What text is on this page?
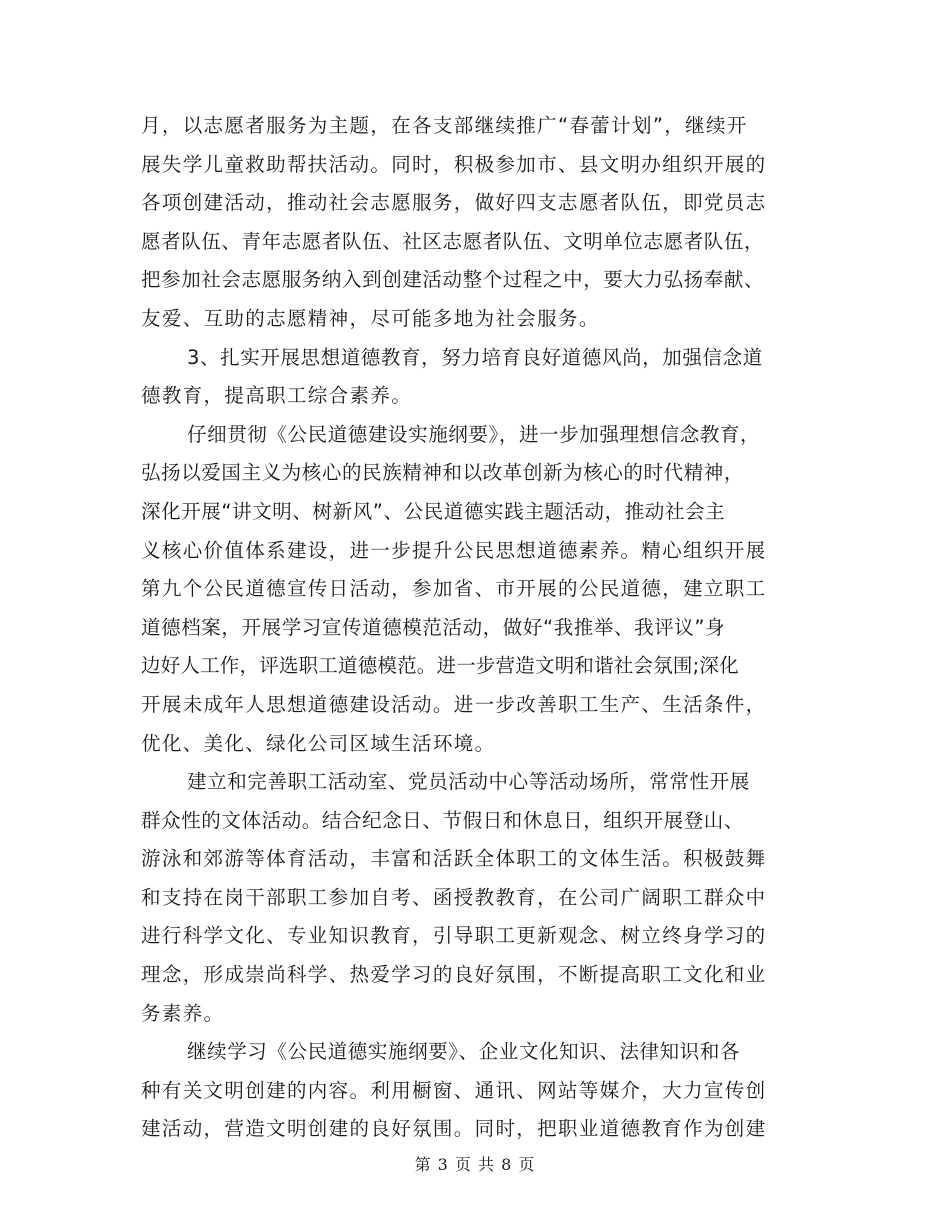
月，以志愿者服务为主题，在各支部继续推广“春蕾计划”，继续开
展失学儿童救助帮扶活动。同时，积极参加市、县文明办组织开展的
各项创建活动，推动社会志愿服务，做好四支志愿者队伍，即党员志
愿者队伍、青年志愿者队伍、社区志愿者队伍、文明单位志愿者队伍，
把参加社会志愿服务纳入到创建活动整个过程之中，要大力弘扬奉献、
友爱、互助的志愿精神，尽可能多地为社会服务。
3、扎实开展思想道德教育，努力培育良好道德风尚，加强信念道
德教育，提高职工综合素养。
仔细贯彻《公民道德建设实施纲要》，进一步加强理想信念教育，
弘扬以爱国主义为核心的民族精神和以改革创新为核心的时代精神，
深化开展“讲文明、树新风”、公民道德实践主题活动，推动社会主
义核心价值体系建设，进一步提升公民思想道德素养。精心组织开展
第九个公民道德宣传日活动，参加省、市开展的公民道德，建立职工
道德档案，开展学习宣传道德模范活动，做好“我推举、我评议”身
边好人工作，评选职工道德模范。进一步营造文明和谐社会氛围;深化
开展未成年人思想道德建设活动。进一步改善职工生产、生活条件，
优化、美化、绿化公司区域生活环境。
建立和完善职工活动室、党员活动中心等活动场所，常常性开展
群众性的文体活动。结合纪念日、节假日和休息日，组织开展登山、
游泳和郊游等体育活动，丰富和活跃全体职工的文体生活。积极鼓舞
和支持在岗干部职工参加自考、函授教教育，在公司广阔职工群众中
进行科学文化、专业知识教育，引导职工更新观念、树立终身学习的
理念，形成崇尚科学、热爱学习的良好氛围，不断提高职工文化和业
务素养。
继续学习《公民道德实施纲要》、企业文化知识、法律知识和各
种有关文明创建的内容。利用橱窗、通讯、网站等媒介，大力宣传创
建活动，营造文明创建的良好氛围。同时，把职业道德教育作为创建
第 3 页 共 8 页
